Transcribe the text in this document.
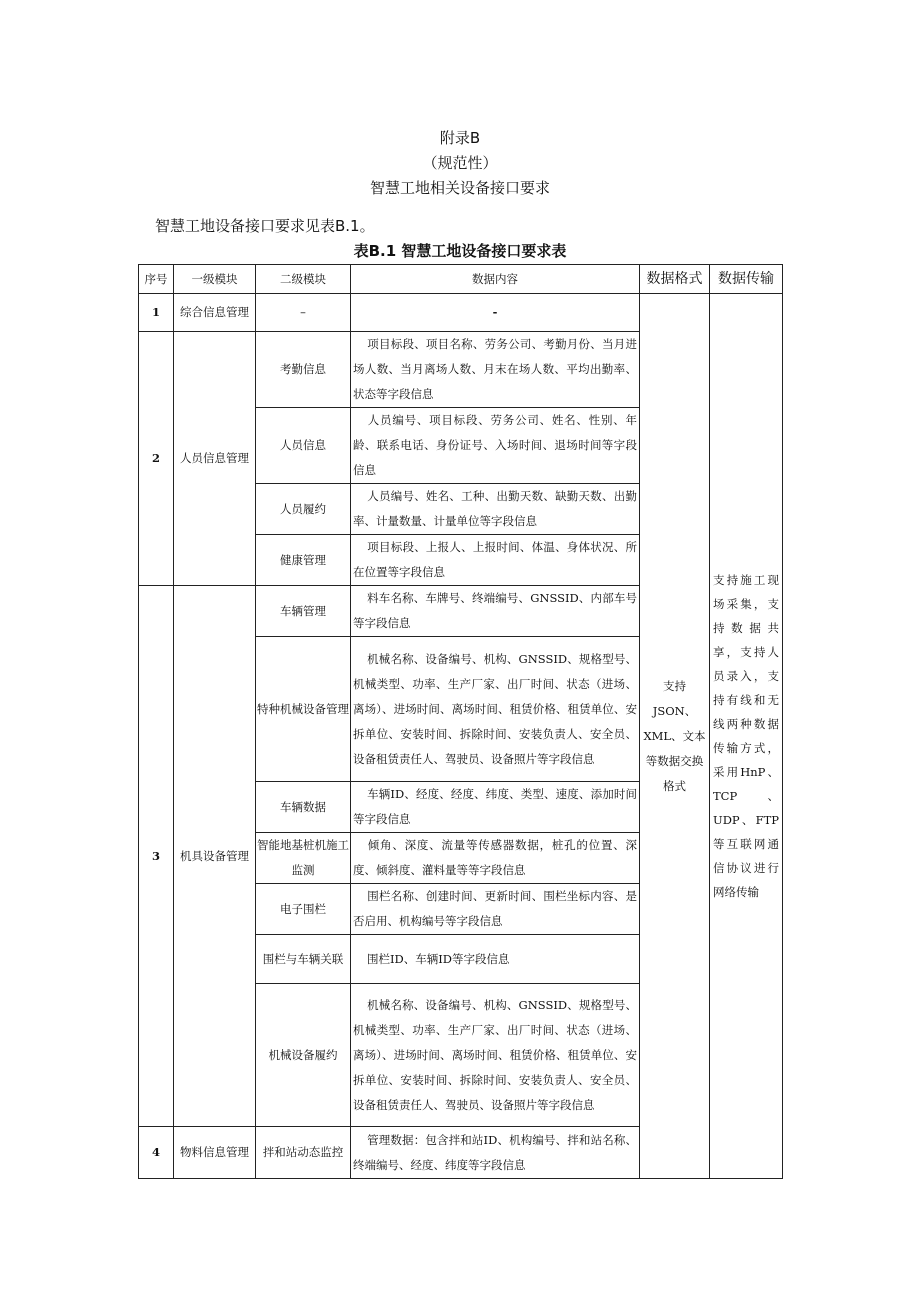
附录B
（规范性）
智慧工地相关设备接口要求
智慧工地设备接口要求见表B.1。
表B.1 智慧工地设备接口要求表
序号	一级模块	二级模块	数据内容	数据格式	数据传输
1	综合信息管理	–	-	支持JSON、XML、文本等数据交换格式	支持施工现场采集，支持数据共享，支持人员录入，支持有线和无线两种数据传输方式，采用HnP、TCP、UDP、FTP等互联网通信协议进行网络传输
2	人员信息管理	考勤信息	项目标段、项目名称、劳务公司、考勤月份、当月进场人数、当月离场人数、月末在场人数、平均出勤率、状态等字段信息		
		人员信息	人员编号、项目标段、劳务公司、姓名、性别、年龄、联系电话、身份证号、入场时间、退场时间等字段信息		
		人员履约	人员编号、姓名、工种、出勤天数、缺勤天数、出勤率、计量数量、计量单位等字段信息		
		健康管理	项目标段、上报人、上报时间、体温、身体状况、所在位置等字段信息		
3	机具设备管理	车辆管理	料车名称、车牌号、终端编号、GNSSID、内部车号等字段信息		
		特种机械设备管理	机械名称、设备编号、机构、GNSSID、规格型号、机械类型、功率、生产厂家、出厂时间、状态（进场、离场）、进场时间、离场时间、租赁价格、租赁单位、安拆单位、安装时间、拆除时间、安装负责人、安全员、设备租赁责任人、驾驶员、设备照片等字段信息		
		车辆数据	车辆ID、经度、经度、纬度、类型、速度、添加时间等字段信息		
		智能地基桩机施工监测	倾角、深度、流量等传感器数据，桩孔的位置、深度、倾斜度、灌料量等等字段信息		
		电子围栏	围栏名称、创建时间、更新时间、围栏坐标内容、是否启用、机构编号等字段信息		
		围栏与车辆关联	围栏ID、车辆ID等字段信息		
		机械设备履约	机械名称、设备编号、机构、GNSSID、规格型号、机械类型、功率、生产厂家、出厂时间、状态（进场、离场）、进场时间、离场时间、租赁价格、租赁单位、安拆单位、安装时间、拆除时间、安装负责人、安全员、设备租赁责任人、驾驶员、设备照片等字段信息		
4	物料信息管理	拌和站动态监控	管理数据：包含拌和站ID、机构编号、拌和站名称、终端编号、经度、纬度等字段信息		
